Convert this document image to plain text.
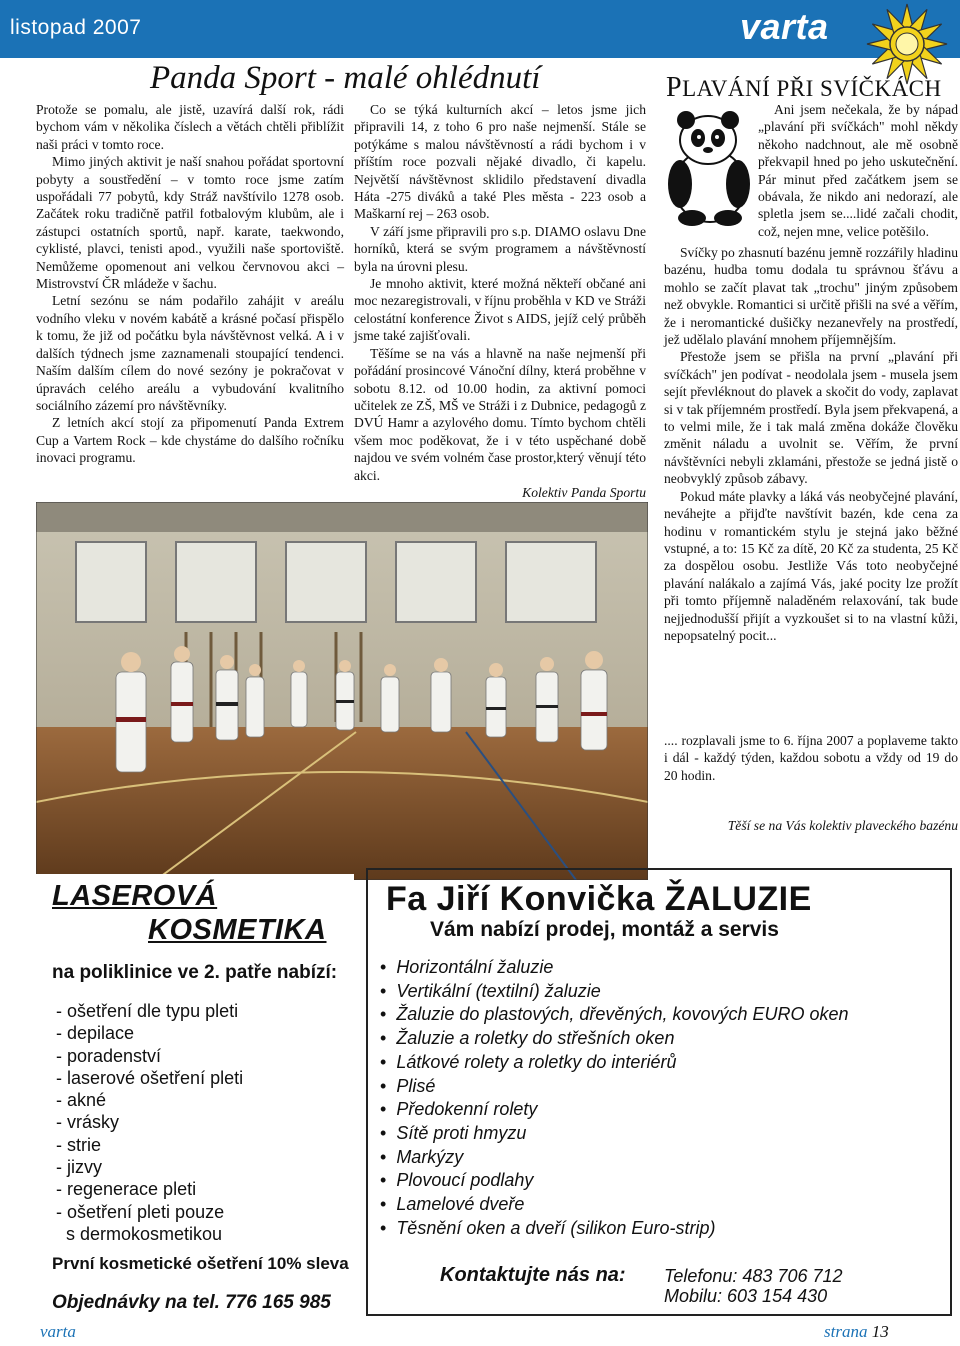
listopad 2007	varta
Panda Sport - malé ohlédnutí

Protože se pomalu, ale jistě, uzavírá další rok, rádi bychom vám v několika číslech a větách chtěli přiblížit naši práci v tomto roce.

Mimo jiných aktivit je naší snahou pořádat sportovní pobyty a soustředění – v tomto roce jsme zatím uspořádali 77 pobytů, kdy Stráž navštívilo 1278 osob. Začátek roku tradičně patřil fotbalovým klubům, ale i zástupci ostatních sportů, např. karate, taekwondo, cyklisté, plavci, tenisti apod., využili naše sportoviště. Nemůžeme opomenout ani velkou červnovou akci – Mistrovství ČR mládeže v šachu.

Letní sezónu se nám podařilo zahájit v areálu vodního vleku v novém kabátě a krásné počasí přispělo k tomu, že již od počátku byla návštěvnost velká. A i v dalších týdnech jsme zaznamenali stoupající tendenci. Naším dalším cílem do nové sezóny je pokračovat v úpravách celého areálu a vybudování kvalitního sociálního zázemí pro návštěvníky.

Z letních akcí stojí za připomenutí Panda Extrem Cup a Vartem Rock – kde chystáme do dalšího ročníku inovaci programu.

Co se týká kulturních akcí – letos jsme jich připravili 14, z toho 6 pro naše nejmenší. Stále se potýkáme s malou návštěvností a rádi bychom i v příštím roce pozvali nějaké divadlo, či kapelu. Největší návštěvnost sklidilo představení divadla Háta -275 diváků a také Ples města - 223 osob a Maškarní rej – 263 osob.

V září jsme připravili pro s.p. DIAMO oslavu Dne horníků, která se svým programem a návštěvností byla na úrovni plesu.

Je mnoho aktivit, které možná někteří občané ani moc nezaregistrovali, v říjnu proběhla v KD ve Stráži celostátní konference Život s AIDS, jejíž celý průběh jsme také zajišťovali.

Těšíme se na vás a hlavně na naše nejmenší při pořádání prosincové Vánoční dílny, která proběhne v sobotu 8.12. od 10.00 hodin, za aktivní pomoci učitelek ze ZŠ, MŠ ve Stráži i z Dubnice, pedagogů z DVÚ Hamr a azylového domu. Tímto bychom chtěli všem moc poděkovat, že i v této uspěchané době najdou ve svém volném čase prostor,který věnují této akci.

Kolektiv Panda Sportu

PLAVÁNÍ PŘI SVÍČKÁCH

Ani jsem nečekala, že by nápad „plavání při svíčkách" mohl někdy někoho nadchnout, ale mě osobně překvapil hned po jeho uskutečnění. Pár minut před začátkem jsem se obávala, že nikdo ani nedorazí, ale spletla jsem se....lidé začali chodit, což, nejen mne, velice potěšilo.

Svíčky po zhasnutí bazénu jemně rozzářily hladinu bazénu, hudba tomu dodala tu správnou šťávu a mohlo se začít plavat tak „trochu" jiným způsobem než obvykle. Romantici si určitě přišli na své a věřím, že i neromantické dušičky nezanevřely na prostředí, jež udělalo plavání mnohem příjemnějším.

Přestože jsem se přišla na první „plavání při svíčkách" jen podívat - neodolala jsem - musela jsem sejít převléknout do plavek a skočit do vody, zaplavat si v tak příjemném prostředí. Byla jsem překvapená, a to velmi mile, že i tak malá změna dokáže člověku změnit náladu a uvolnit se. Věřím, že první návštěvníci nebyli zklamáni, přestože se jedná jistě o neobvyklý způsob zábavy.

Pokud máte plavky a láká vás neobyčejné plavání, neváhejte a přijďte navštívit bazén, kde cena za hodinu v romantickém stylu je stejná jako běžné vstupné, a to: 15 Kč za dítě, 20 Kč za studenta, 25 Kč za dospělou osobu. Jestliže Vás toto neobyčejné plavání nalákalo a zajímá Vás, jaké pocity lze prožít při tomto příjemně naladěném relaxování, tak bude nejjednodušší přijít a vyzkoušet si to na vlastní kůži, nepopsatelný pocit...

.... rozplavali jsme to 6. října 2007 a poplaveme takto i dál - každý týden, každou sobotu a vždy od 19 do 20 hodin.

Těší se na Vás kolektiv plaveckého bazénu
LASEROVÁ
KOSMETIKA
na poliklinice ve 2. patře nabízí:
- ošetření dle typu pleti
- depilace
- poradenství
- laserové ošetření pleti
- akné
- vrásky
- strie
- jizvy
- regenerace pleti
- ošetření pleti pouze
s dermokosmetikou
První kosmetické ošetření 10% sleva
Objednávky na tel. 776 165 985
Fa Jiří Konvička ŽALUZIE
Vám nabízí prodej, montáž a servis
• Horizontální žaluzie
• Vertikální (textilní) žaluzie
• Žaluzie do plastových, dřevěných, kovových EURO oken
• Žaluzie a roletky do střešních oken
• Látkové rolety a roletky do interiérů
• Plisé
• Předokenní rolety
• Sítě proti hmyzu
• Markýzy
• Plovoucí podlahy
• Lamelové dveře
• Těsnění oken a dveří (silikon Euro-strip)
Kontaktujte nás na: Telefonu: 483 706 712
Mobilu: 603 154 430
varta	strana 13
